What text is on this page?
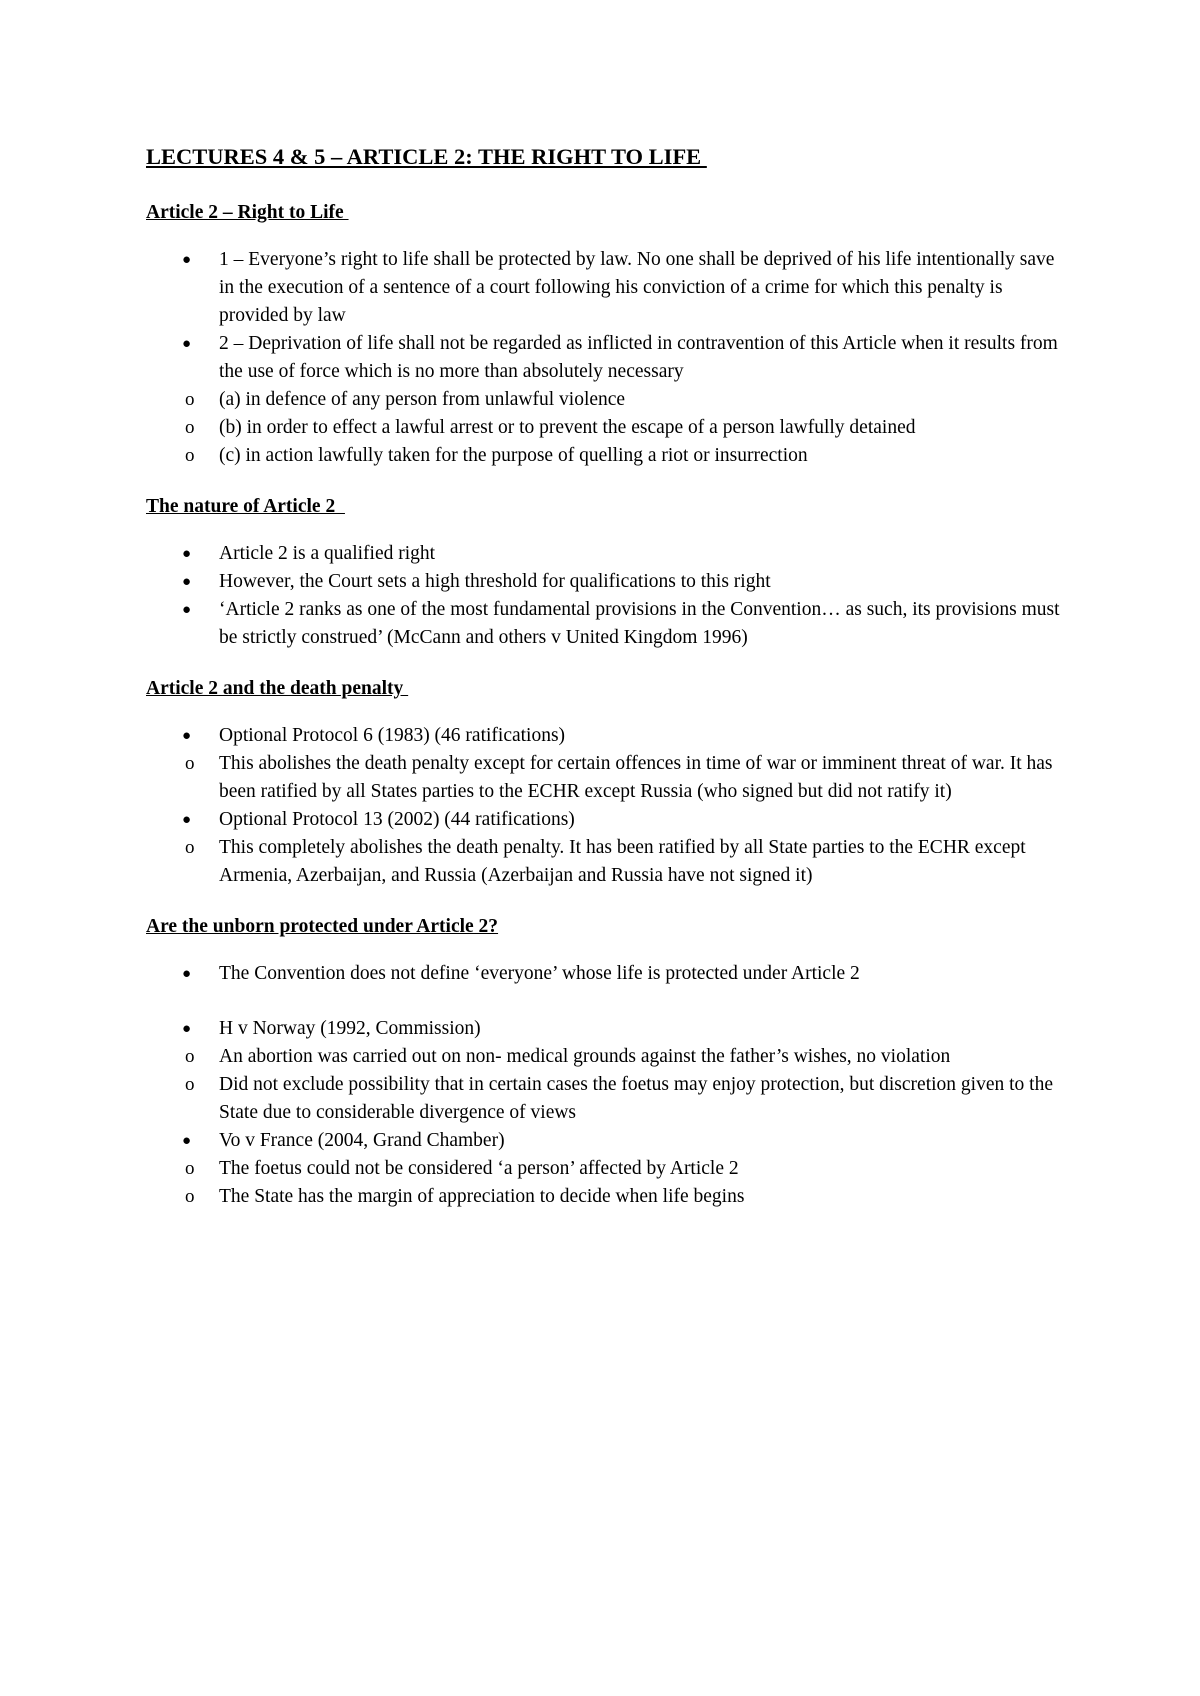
LECTURES 4 & 5 – ARTICLE 2: THE RIGHT TO LIFE
Article 2 – Right to Life
● 1 – Everyone’s right to life shall be protected by law. No one shall be deprived of his life intentionally save in the execution of a sentence of a court following his conviction of a crime for which this penalty is provided by law
● 2 – Deprivation of life shall not be regarded as inflicted in contravention of this Article when it results from the use of force which is no more than absolutely necessary
o (a) in defence of any person from unlawful violence
o (b) in order to effect a lawful arrest or to prevent the escape of a person lawfully detained
o (c) in action lawfully taken for the purpose of quelling a riot or insurrection
The nature of Article 2
● Article 2 is a qualified right
● However, the Court sets a high threshold for qualifications to this right
● ‘Article 2 ranks as one of the most fundamental provisions in the Convention… as such, its provisions must be strictly construed’ (McCann and others v United Kingdom 1996)
Article 2 and the death penalty
● Optional Protocol 6 (1983) (46 ratifications)
o This abolishes the death penalty except for certain offences in time of war or imminent threat of war. It has been ratified by all States parties to the ECHR except Russia (who signed but did not ratify it)
● Optional Protocol 13 (2002) (44 ratifications)
o This completely abolishes the death penalty. It has been ratified by all State parties to the ECHR except Armenia, Azerbaijan, and Russia (Azerbaijan and Russia have not signed it)
Are the unborn protected under Article 2?
● The Convention does not define ‘everyone’ whose life is protected under Article 2
● H v Norway (1992, Commission)
o An abortion was carried out on non- medical grounds against the father’s wishes, no violation
o Did not exclude possibility that in certain cases the foetus may enjoy protection, but discretion given to the State due to considerable divergence of views
● Vo v France (2004, Grand Chamber)
o The foetus could not be considered ‘a person’ affected by Article 2
o The State has the margin of appreciation to decide when life begins
